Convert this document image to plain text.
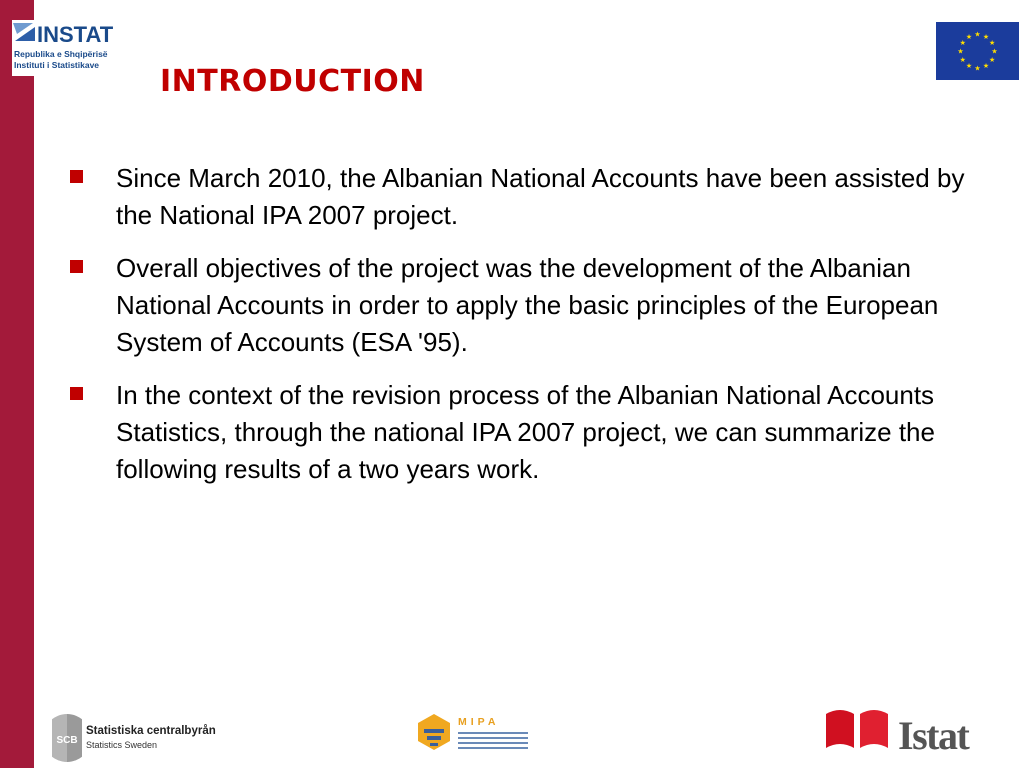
INSTAT
Republika e Shqipërisë
Instituti i Statistikave
★ ★
★
★
★
★
★
★
★
★
★
★
INTRODUCTION
Since March 2010, the Albanian National Accounts have been assisted by the National IPA 2007 project.
Overall objectives of the project was the development of the Albanian National Accounts in order to apply the basic principles of the European System of Accounts (ESA '95).
In the context of the revision process of the Albanian National Accounts Statistics, through the national IPA 2007 project, we can summarize the following results of a two years work.
SCB
Statistiska centralbyrån
Statistics Sweden
MIPA	Istat
